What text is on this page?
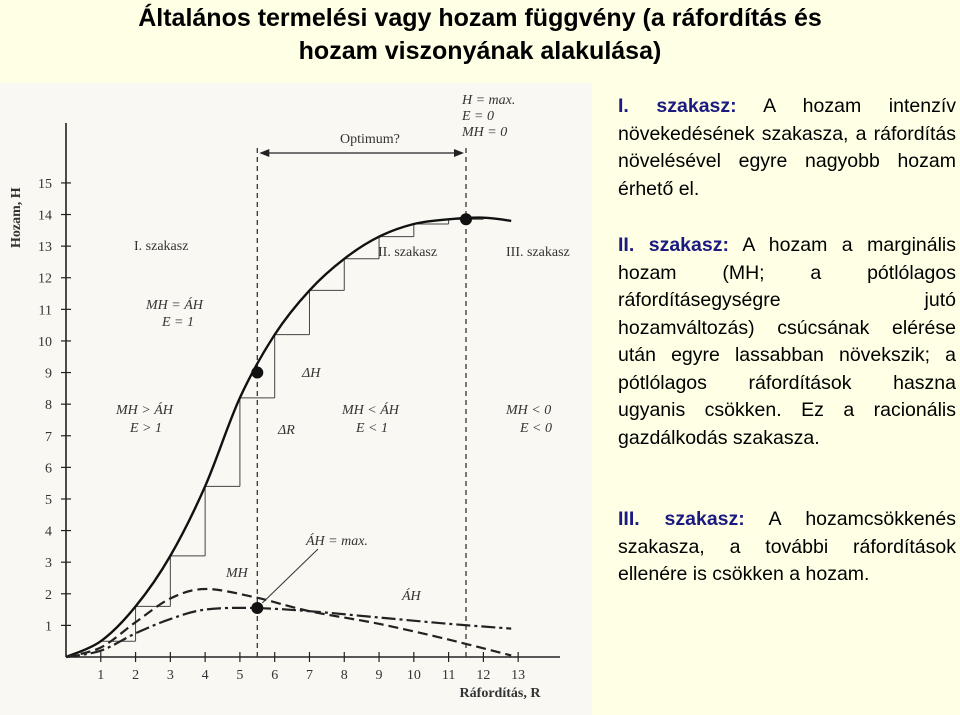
Általános termelési vagy hozam függvény (a ráfordítás és
hozam viszonyának alakulása)
1
2
3
4
5
6
7
8
9
10
11
12
13
14
15
1 2 3 4 5 6 7 8 9 10 11 12 13
Hozam, H
Ráfordítás, R
H = max.
E = 0
MH = 0
Optimum?
I. szakasz	II. szakasz	III. szakasz
MH = ÁH
E = 1
ΔH
ΔR
MH > ÁH
E > 1
MH < ÁH
E < 1
MH < 0
E < 0
ÁH = max.
MH
ÁH

I. szakasz: A hozam intenzív növekedésének szakasza, a ráfordítás növelésével egyre nagyobb hozam érhető el.

II. szakasz: A hozam a marginális hozam (MH; a pótlólagos ráfordításegységre jutó hozamváltozás) csúcsának elérése után egyre lassabban növekszik; a pótlólagos ráfordítások haszna ugyanis csökken. Ez a racionális gazdálkodás szakasza.

III. szakasz: A hozamcsökkenés szakasza, a további ráfordítások ellenére is csökken a hozam.
